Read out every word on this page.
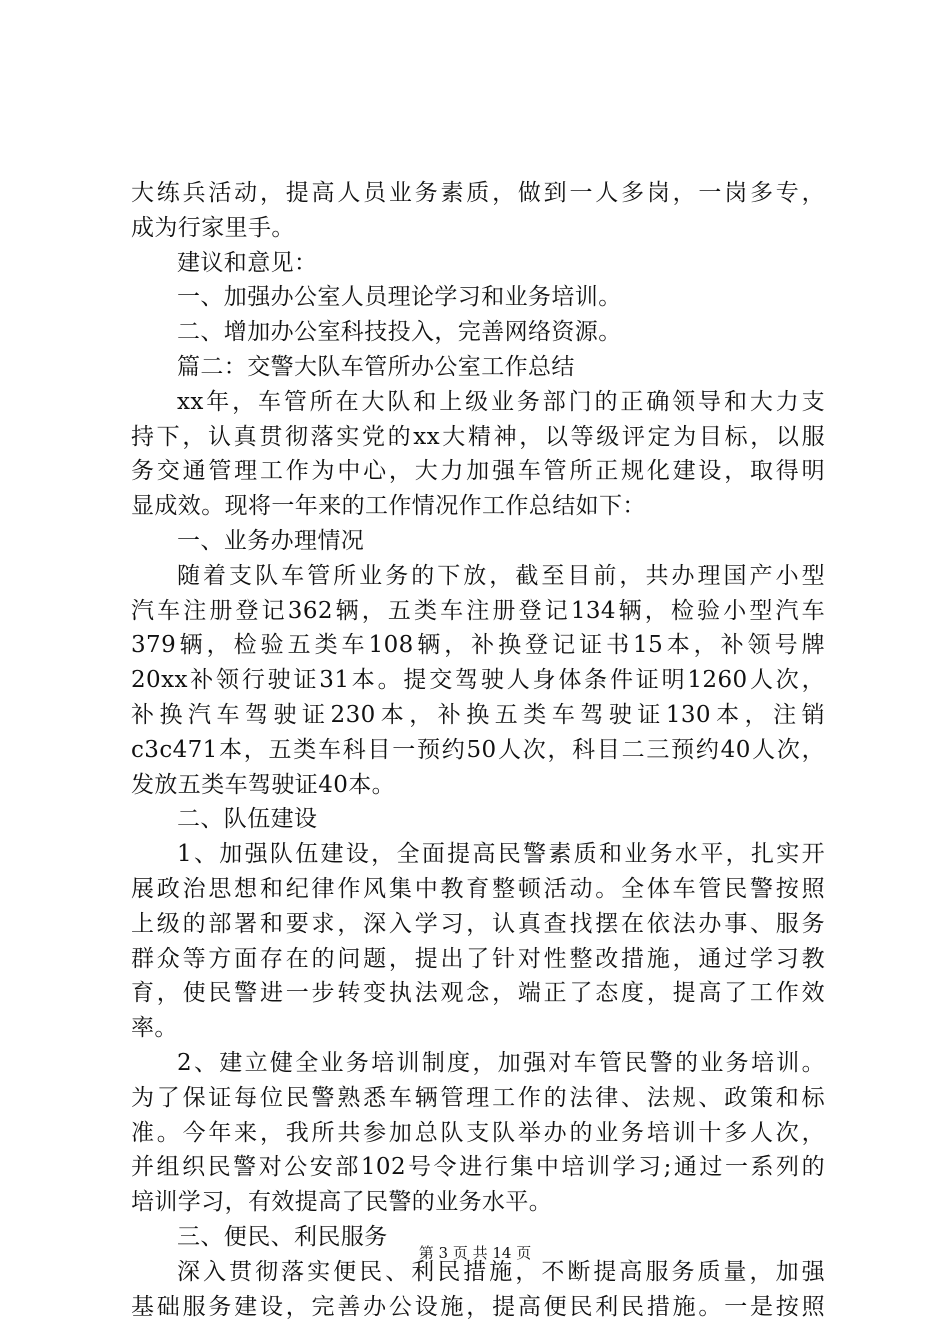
大练兵活动，提高人员业务素质，做到一人多岗，一岗多专，
成为行家里手。
建议和意见：
一、加强办公室人员理论学习和业务培训。
二、增加办公室科技投入，完善网络资源。
篇二：交警大队车管所办公室工作总结
xx年，车管所在大队和上级业务部门的正确领导和大力支
持下，认真贯彻落实党的xx大精神，以等级评定为目标，以服
务交通管理工作为中心，大力加强车管所正规化建设，取得明
显成效。现将一年来的工作情况作工作总结如下：
一、业务办理情况
随着支队车管所业务的下放，截至目前，共办理国产小型
汽车注册登记362辆，五类车注册登记134辆，检验小型汽车
379辆，检验五类车108辆，补换登记证书15本，补领号牌
20xx补领行驶证31本。提交驾驶人身体条件证明1260人次，
补换汽车驾驶证230本，补换五类车驾驶证130本，注销
c3c471本，五类车科目一预约50人次，科目二三预约40人次，
发放五类车驾驶证40本。
二、队伍建设
1、加强队伍建设，全面提高民警素质和业务水平，扎实开
展政治思想和纪律作风集中教育整顿活动。全体车管民警按照
上级的部署和要求，深入学习，认真查找摆在依法办事、服务
群众等方面存在的问题，提出了针对性整改措施，通过学习教
育，使民警进一步转变执法观念，端正了态度，提高了工作效
率。
2、建立健全业务培训制度，加强对车管民警的业务培训。
为了保证每位民警熟悉车辆管理工作的法律、法规、政策和标
准。今年来，我所共参加总队支队举办的业务培训十多人次，
并组织民警对公安部102号令进行集中培训学习;通过一系列的
培训学习，有效提高了民警的业务水平。
三、便民、利民服务
深入贯彻落实便民、利民措施，不断提高服务质量，加强
基础服务建设，完善办公设施，提高便民利民措施。一是按照
第 3 页 共 14 页
